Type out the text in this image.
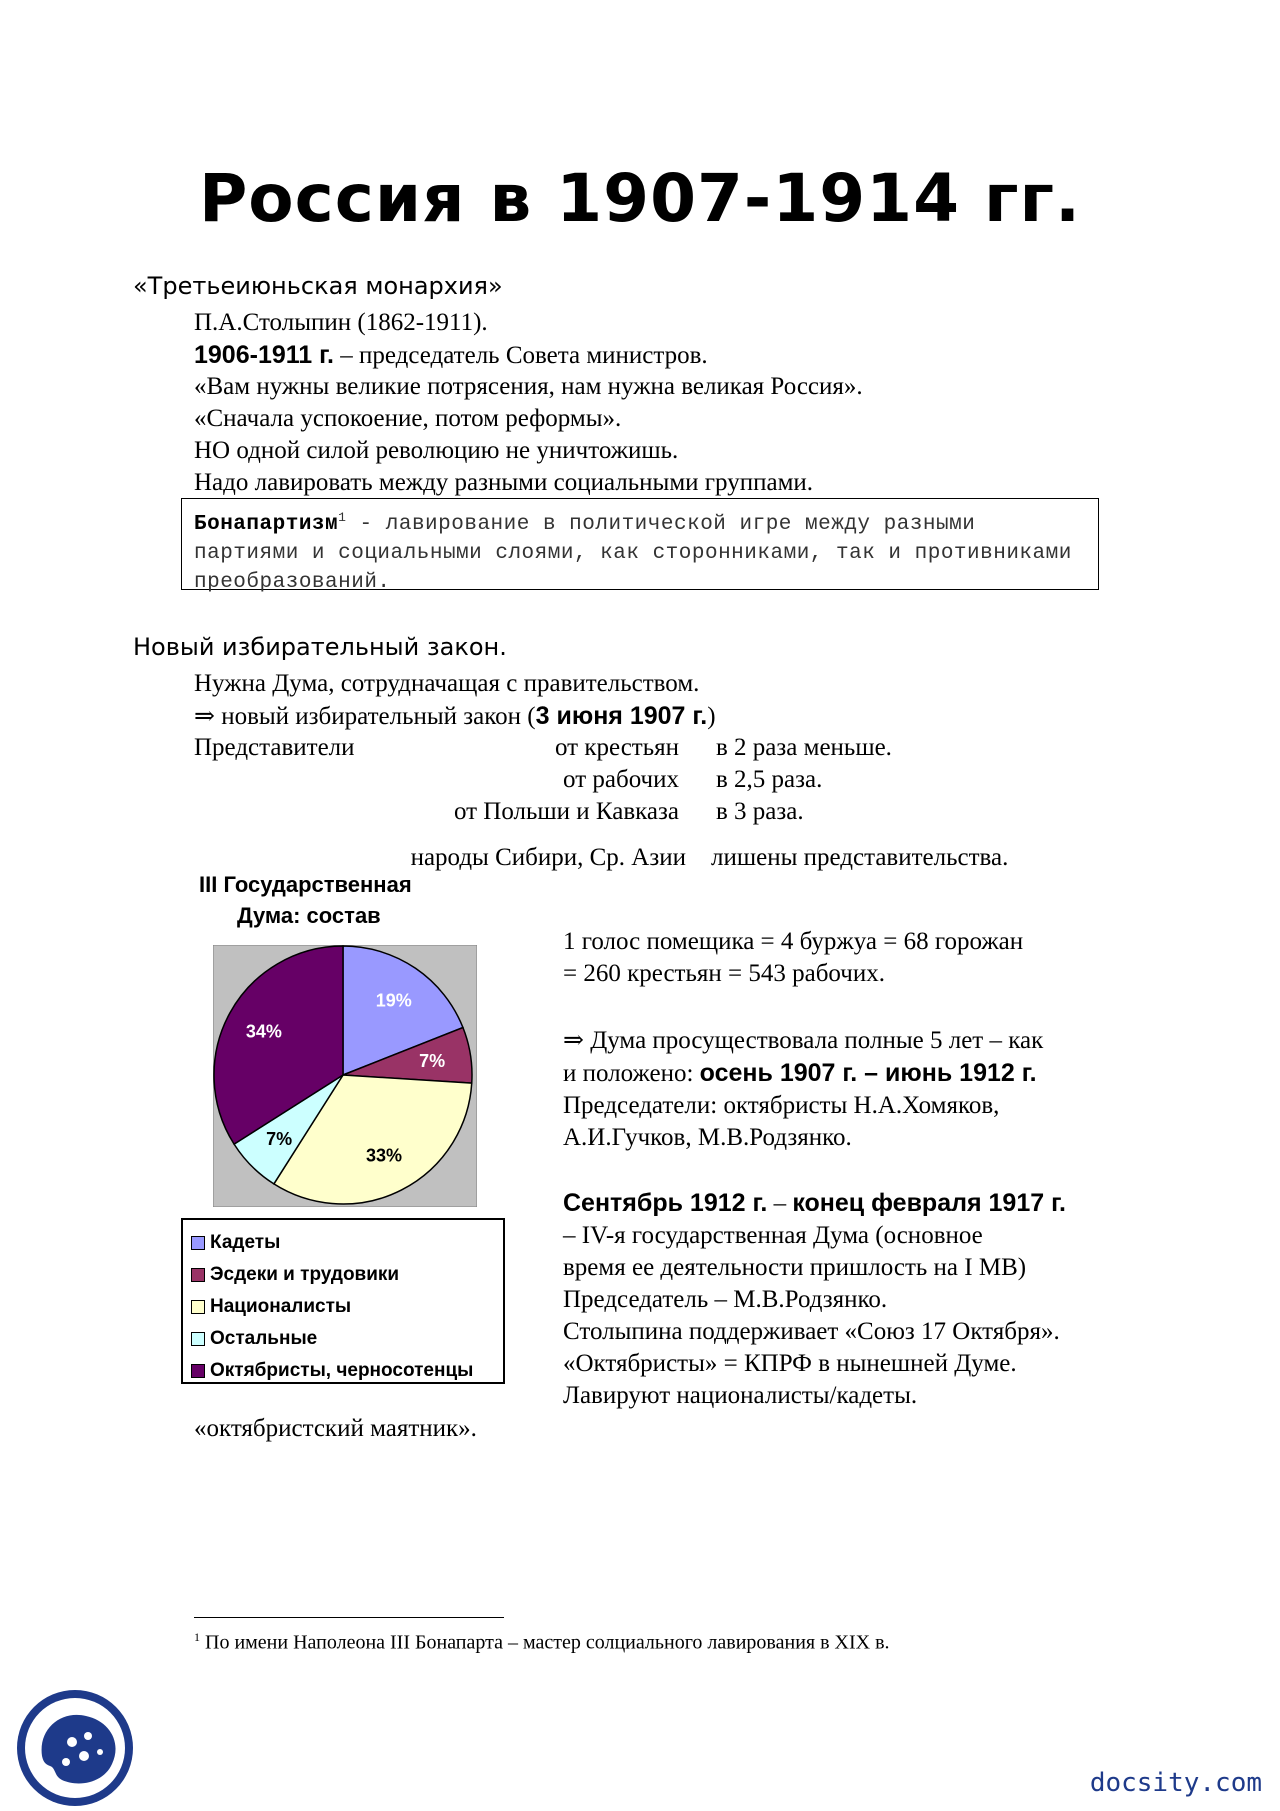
Россия в 1907-1914 гг.
«Третьеиюньская монархия»
П.А.Столыпин (1862-1911).
1906-1911 г. – председатель Совета министров.
«Вам нужны великие потрясения, нам нужна великая Россия».
«Сначала успокоение, потом реформы».
НО одной силой революцию не уничтожишь.
Надо лавировать между разными социальными группами.
Бонапартизм$^1$ - лавирование в политической игре между разными партиями и социальными слоями, как сторонниками, так и противниками преобразований.
Новый избирательный закон.
Нужна Дума, сотрудначащая с правительством.
⇒ новый избирательный закон (3 июня 1907 г.)
Представители	от крестьян в 2 раза меньше.
от рабочих в 2,5 раза.
от Польши и Кавказа в 3 раза.
народы Сибири, Ср. Азии лишены представительства.
III Государственная
Дума: состав
19%
7%
33%
7%
34%
Кадеты
Эсдеки и трудовики
Националисты
Остальные
Октябристы, черносотенцы
1 голос помещика = 4 буржуа = 68 горожан
= 260 крестьян = 543 рабочих.
⇒ Дума просуществовала полные 5 лет – как
и положено: осень 1907 г. – июнь 1912 г.
Председатели: октябристы Н.А.Хомяков,
А.И.Гучков, М.В.Родзянко.
Сентябрь 1912 г. – конец февраля 1917 г.
– IV-я государственная Дума (основное
время ее деятельности пришлость на I МВ)
Председатель – М.В.Родзянко.
Столыпина поддерживает «Союз 17 Октября».
«Октябристы» = КПРФ в нынешней Думе.
Лавируют националисты/кадеты.
«октябристский маятник».
$^1$ По имени Наполеона III Бонапарта – мастер солциального лавирования в XIX в.
docsity.com
